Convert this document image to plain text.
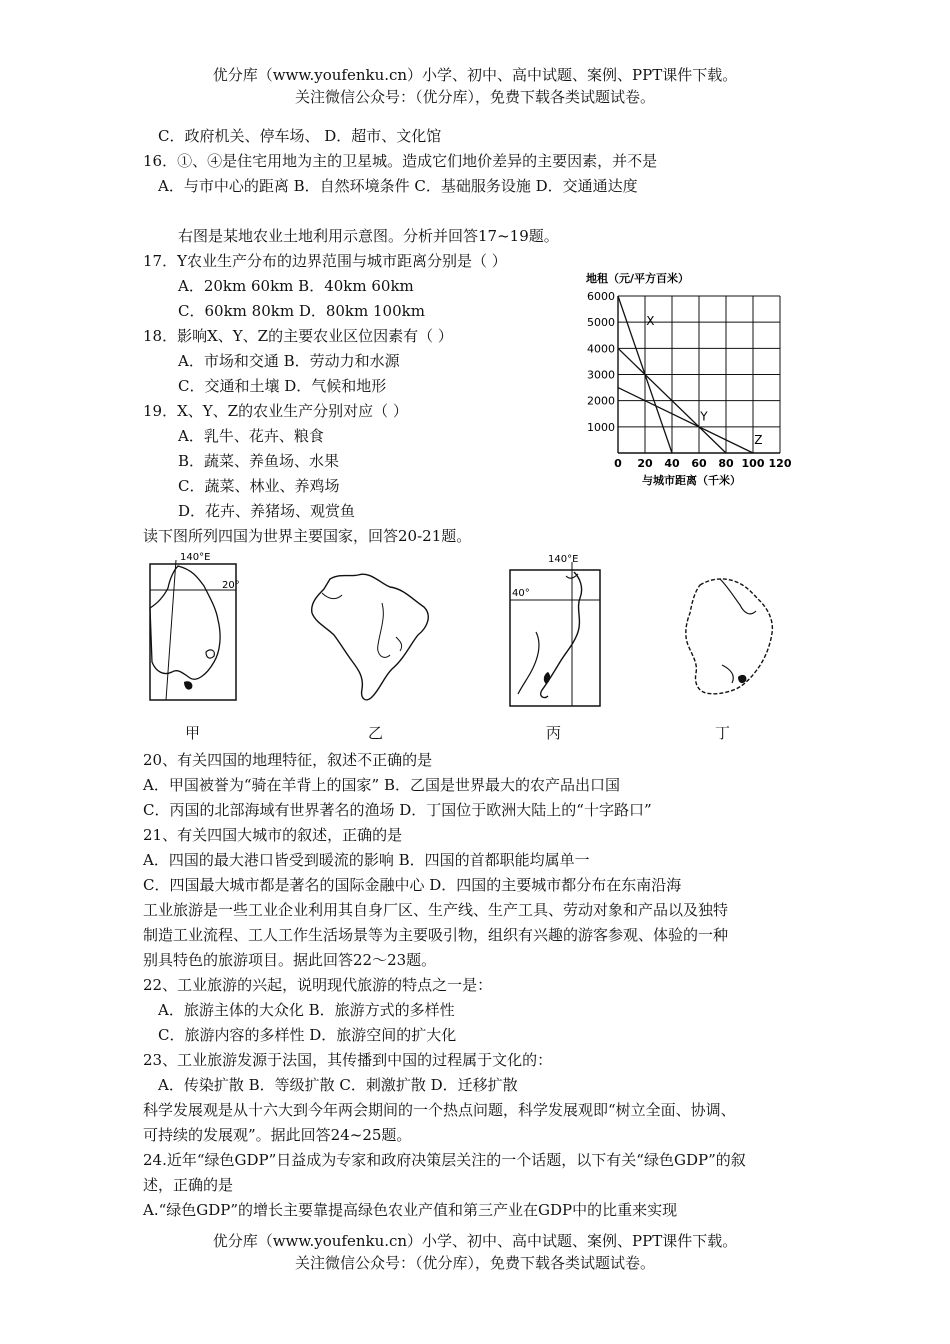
优分库（www.youfenku.cn）小学、初中、高中试题、案例、PPT课件下载。
关注微信公众号：（优分库），免费下载各类试题试卷。
优分库（www.youfenku.cn）小学、初中、高中试题、案例、PPT课件下载。
关注微信公众号：（优分库），免费下载各类试题试卷。
C．政府机关、停车场、 D．超市、文化馆
16．①、④是住宅用地为主的卫星城。造成它们地价差异的主要因素，并不是
A．与市中心的距离 B．自然环境条件 C．基础服务设施 D．交通通达度
右图是某地农业土地利用示意图。分析并回答17~19题。
17．Y农业生产分布的边界范围与城市距离分别是（ ）
A．20km 60km B．40km 60km
C．60km 80km D．80km 100km
18．影响X、Y、Z的主要农业区位因素有（ ）
A．市场和交通 B．劳动力和水源
C．交通和土壤 D．气候和地形
19．X、Y、Z的农业生产分别对应（ ）
A．乳牛、花卉、粮食
B．蔬菜、养鱼场、水果
C．蔬菜、林业、养鸡场
D．花卉、养猪场、观赏鱼
读下图所列四国为世界主要国家，回答20-21题。
20、有关四国的地理特征，叙述不正确的是
A．甲国被誉为“骑在羊背上的国家” B．乙国是世界最大的农产品出口国
C．丙国的北部海域有世界著名的渔场 D．丁国位于欧洲大陆上的“十字路口”
21、有关四国大城市的叙述，正确的是
A．四国的最大港口皆受到暖流的影响 B．四国的首都职能均属单一
C．四国最大城市都是著名的国际金融中心 D．四国的主要城市都分布在东南沿海
工业旅游是一些工业企业利用其自身厂区、生产线、生产工具、劳动对象和产品以及独特
制造工业流程、工人工作生活场景等为主要吸引物，组织有兴趣的游客参观、体验的一种
别具特色的旅游项目。据此回答22～23题。
22、工业旅游的兴起，说明现代旅游的特点之一是：
A．旅游主体的大众化 B．旅游方式的多样性
C．旅游内容的多样性 D．旅游空间的扩大化
23、工业旅游发源于法国，其传播到中国的过程属于文化的：
A．传染扩散 B．等级扩散 C．刺激扩散 D．迁移扩散
科学发展观是从十六大到今年两会期间的一个热点问题，科学发展观即“树立全面、协调、
可持续的发展观”。据此回答24~25题。
24.近年“绿色GDP”日益成为专家和政府决策层关注的一个话题，以下有关“绿色GDP”的叙
述，正确的是
A.“绿色GDP”的增长主要靠提高绿色农业产值和第三产业在GDP中的比重来实现
地租（元/平方百米）
1000
2000
3000
4000
5000
6000
0 20 40 60 80 100 120
X
Y
Z
与城市距离（千米）
140°E
20°
甲	乙
140°E
40°
丙	丁
